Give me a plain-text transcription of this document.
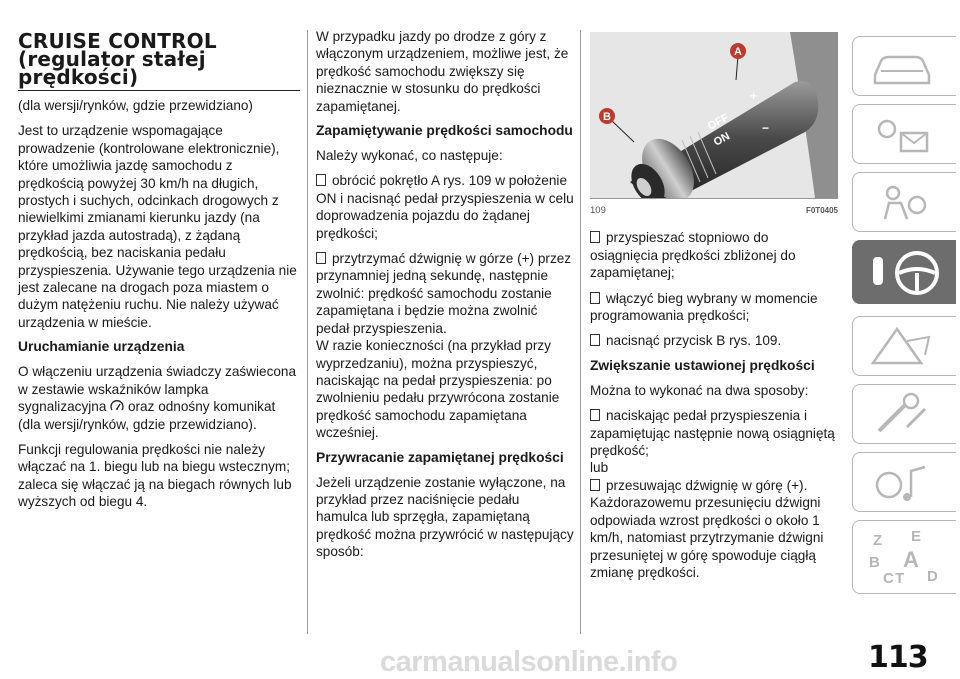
CRUISE CONTROL
(regulator stałej
prędkości)

(dla wersji/rynków, gdzie przewidziano)

Jest to urządzenie wspomagające prowadzenie (kontrolowane elektronicznie), które umożliwia jazdę samochodu z prędkością powyżej 30 km/h na długich, prostych i suchych, odcinkach drogowych z niewielkimi zmianami kierunku jazdy (na przykład jazda autostradą), z żądaną prędkością, bez naciskania pedału przyspieszenia. Używanie tego urządzenia nie jest zalecane na drogach poza miastem o dużym natężeniu ruchu. Nie należy używać urządzenia w mieście.

Uruchamianie urządzenia

O włączeniu urządzenia świadczy zaświecona w zestawie wskaźników lampka sygnalizacyjna oraz odnośny komunikat (dla wersji/rynków, gdzie przewidziano).

Funkcji regulowania prędkości nie należy włączać na 1. biegu lub na biegu wstecznym; zaleca się włączać ją na biegach równych lub wyższych od biegu 4.

W przypadku jazdy po drodze z góry z włączonym urządzeniem, możliwe jest, że prędkość samochodu zwiększy się nieznacznie w stosunku do prędkości zapamiętanej.

Zapamiętywanie prędkości samochodu

Należy wykonać, co następuje:

obrócić pokrętło A rys. 109 w położenie ON i nacisnąć pedał przyspieszenia w celu doprowadzenia pojazdu do żądanej prędkości;

przytrzymać dźwignię w górze (+) przez przynamniej jedną sekundę, następnie zwolnić: prędkość samochodu zostanie zapamiętana i będzie można zwolnić pedał przyspieszenia.

W razie konieczności (na przykład przy wyprzedzaniu), można przyspieszyć, naciskając na pedał przyspieszenia: po zwolnieniu pedału przywrócona zostanie prędkość samochodu zapamiętana wcześniej.

Przywracanie zapamiętanej prędkości

Jeżeli urządzenie zostanie wyłączone, na przykład przez naciśnięcie pedału hamulca lub sprzęgła, zapamiętaną prędkość można przywrócić w następujący sposób:

A
B	OFF
ON
+
−
109	F0T0405

przyspieszać stopniowo do osiągnięcia prędkości zbliżonej do zapamiętanej;

włączyć bieg wybrany w momencie programowania prędkości;

nacisnąć przycisk B rys. 109.

Zwiększanie ustawionej prędkości

Można to wykonać na dwa sposoby:

naciskając pedał przyspieszenia i zapamiętując następnie nową osiągniętą prędkość;

lub

przesuwając dźwignię w górę (+).

Każdorazowemu przesunięciu dźwigni odpowiada wzrost prędkości o około 1 km/h, natomiast przytrzymanie dźwigni przesuniętej w górę spowoduje ciągłą zmianę prędkości.

Z E
B A
C T D
carmanualsonline.info	113
